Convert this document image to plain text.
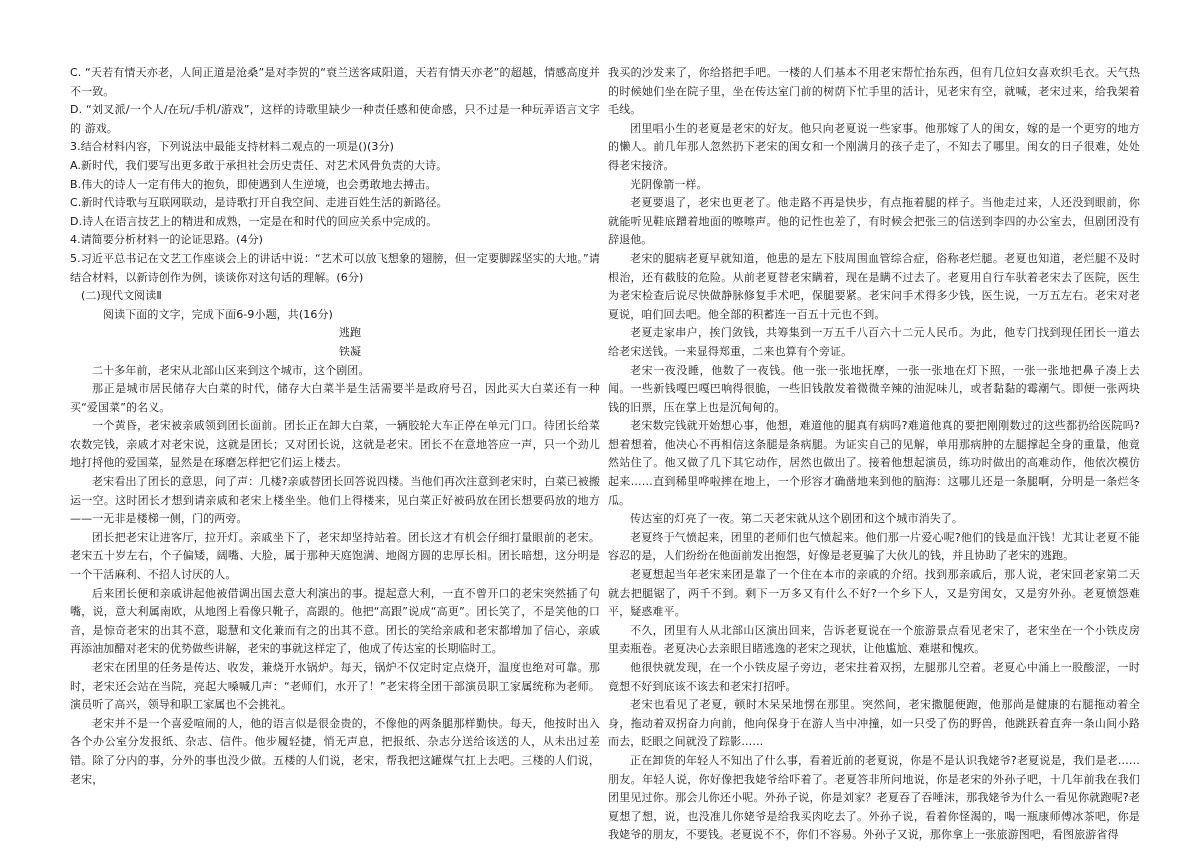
C. “天若有情天亦老，人间正道是沧桑”是对李贺的“衰兰送客咸阳道，天若有情天亦老”的超越，情感高度并不一致。

D. “刘叉派/一个人/在玩/手机/游戏”，这样的诗歌里缺少一种责任感和使命感，只不过是一种玩弄语言文字的 游戏。

3.结合材料内容，下列说法中最能支持材料二观点的一项是()(3分)

A.新时代，我们要写出更多敢于承担社会历史责任、对艺术风骨负责的大诗。

B.伟大的诗人一定有伟大的抱负，即使遇到人生逆境，也会勇敢地去搏击。

C.新时代诗歌与互联网联动，是诗歌打开自我空间、走进百姓生活的新路径。

D.诗人在语言技艺上的精进和成熟，一定是在和时代的回应关系中完成的。

4.请简要分析材料一的论证思路。(4分)

5.习近平总书记在文艺工作座谈会上的讲话中说：“艺术可以放飞想象的翅膀，但一定要脚踩坚实的大地。”请结合材料，以新诗创作为例，谈谈你对这句话的理解。(6分)

(二)现代文阅读Ⅱ

阅读下面的文字，完成下面6-9小题，共(16分)

逃跑

铁凝

二十多年前，老宋从北部山区来到这个城市，这个剧团。

那正是城市居民储存大白菜的时代，储存大白菜半是生活需要半是政府号召，因此买大白菜还有一种买“爱国菜”的名义。

一个黄昏，老宋被亲戚领到团长面前。团长正在卸大白菜，一辆胶轮大车正停在单元门口。待团长给菜农数完钱，亲戚才对老宋说，这就是团长；又对团长说，这就是老宋。团长不在意地答应一声，只一个劲儿地打捋他的爱国菜，显然是在琢磨怎样把它们运上楼去。

老宋看出了团长的意思，问了声：几楼?亲戚替团长回答说四楼。当他们再次注意到老宋时，白菜已被搬运一空。这时团长才想到请亲戚和老宋上楼坐坐。他们上得楼来，见白菜正好被码放在团长想要码放的地方——一无非是楼梯一侧，门的两旁。

团长把老宋让进客厅，拉开灯。亲戚坐下了，老宋却坚持站着。团长这才有机会仔细打量眼前的老宋。老宋五十岁左右，个子偏矮，阔嘴、大脸，属于那种天庭饱满、地阁方圆的忠厚长相。团长暗想，这分明是一个干活麻利、不招人讨厌的人。

后来团长便和亲戚讲起他被借调出国去意大利演出的事。提起意大利，一直不曾开口的老宋突然插了句嘴，说，意大利属南欧，从地图上看像只靴子，高跟的。他把“高跟”说成“高更”。团长笑了，不是笑他的口音，是惊奇老宋的出其不意，聪慧和文化兼而有之的出其不意。团长的笑给亲戚和老宋都增加了信心，亲戚再添油加醋对老宋的优势做些讲解，老宋的事就这样定了，他成了传达室的长期临时工。

老宋在团里的任务是传达、收发，兼烧开水锅炉。每天，锅炉不仅定时定点烧开，温度也绝对可靠。那时，老宋还会站在当院，亮起大嗓喊几声：“老师们，水开了！”老宋将全团干部演员职工家属统称为老师。演员听了高兴，领导和职工家属也不会挑礼。

老宋并不是一个喜爱喧闹的人，他的语言似是很金贵的，不像他的两条腿那样勤快。每天，他按时出入各个办公室分发报纸、杂志、信件。他步履轻捷，悄无声息，把报纸、杂志分送给该送的人，从未出过差错。除了分内的事，分外的事也没少做。五楼的人们说，老宋，帮我把这罐煤气扛上去吧。三楼的人们说，老宋，

我买的沙发来了，你给搭把手吧。一楼的人们基本不用老宋帮忙抬东西，但有几位妇女喜欢织毛衣。天气热的时候她们坐在院子里，坐在传达室门前的树荫下忙手里的活计，见老宋有空，就喊，老宋过来，给我架着毛线。

团里唱小生的老夏是老宋的好友。他只向老夏说一些家事。他那嫁了人的闺女，嫁的是一个更穷的地方的懒人。前几年那人忽然扔下老宋的闺女和一个刚满月的孩子走了，不知去了哪里。闺女的日子很难，处处得老宋接济。

光阴像箭一样。

老夏要退了，老宋也更老了。他走路不再是快步，有点拖着腿的样子。当他走过来，人还没到眼前，你就能听见鞋底蹭着地面的嚓嚓声。他的记性也差了，有时候会把张三的信送到李四的办公室去，但剧团没有辞退他。

老宋的腿病老夏早就知道，他患的是左下肢周围血管综合症，俗称老烂腿。老夏也知道，老烂腿不及时根治，还有截肢的危险。从前老夏替老宋瞒着，现在是瞒不过去了。老夏用自行车驮着老宋去了医院，医生为老宋检查后说尽快做静脉修复手术吧，保腿要紧。老宋问手术得多少钱，医生说，一万五左右。老宋对老夏说，咱们回去吧。他全部的积蓄连一百五十元也不到。

老夏走家串户，挨门敛钱，共筹集到一万五千八百六十二元人民币。为此，他专门找到现任团长一道去给老宋送钱。一来显得郑重，二来也算有个旁证。

老宋一夜没睡，他数了一夜钱。他一张一张地抚摩，一张一张地在灯下照，一张一张地把鼻子凑上去闻。一些新钱嘎巴嘎巴响得很脆，一些旧钱散发着微微辛辣的油泥味儿，或者黏黏的霉潮气。即便一张两块钱的旧票，压在掌上也是沉甸甸的。

老宋数完钱就开始想心事，他想，难道他的腿真有病吗?难道他真的要把刚刚数过的这些都扔给医院吗?想着想着，他决心不再相信这条腿是条病腿。为证实自己的见解，单用那病肿的左腿撑起全身的重量，他竟然站住了。他又做了几下其它动作，居然也做出了。接着他想起演员，练功时做出的高难动作，他依次模仿起来……直到稀里哗啦摔在地上，一个形容才确凿地来到他的脑海：这哪儿还是一条腿啊，分明是一条烂冬瓜。

传达室的灯亮了一夜。第二天老宋就从这个剧团和这个城市消失了。

老夏终于气愤起来，团里的老师们也气愤起来。他们那一片爱心呢?他们的钱是血汗钱！尤其让老夏不能容忍的是，人们纷纷在他面前发出抱怨，好像是老夏骗了大伙儿的钱，并且协助了老宋的逃跑。

老夏想起当年老宋来团是靠了一个住在本市的亲戚的介绍。找到那亲戚后，那人说，老宋回老家第二天就去把腿锯了，两千不到。剩下一万多又有什么不好?一个乡下人，又是穷闺女，又是穷外孙。老夏愤怨难平，疑惑难平。

不久，团里有人从北部山区演出回来，告诉老夏说在一个旅游景点看见老宋了，老宋坐在一个小铁皮房里卖瓶卷。老夏决心去亲眼目睹逃逸的老宋之现状，让他尴尬、难堪和愧疚。

他很快就发现，在一个小铁皮屋子旁边，老宋拄着双拐，左腿那儿空着。老夏心中涌上一股酸涩，一时竟想不好到底该不该去和老宋打招呼。

老宋也看见了老夏，顿时木呆呆地愣在那里。突然间，老宋撒腿便跑，他那尚是健康的右腿拖动着全身，拖动着双拐奋力向前，他向保身于在游人当中冲撞，如一只受了伤的野兽，他跳跃着直奔一条山间小路而去，眨眼之间就没了踪影……

正在卸货的年轻人不知出了什么事，看着近前的老夏说，你是不是认识我姥爷?老夏说是，我们是老……朋友。年轻人说，你好像把我姥爷给吓着了。老夏答非所问地说，你是老宋的外孙子吧，十几年前我在我们团里见过你。那会儿你还小呢。外孙子说，你是刘家？老夏吞了吞唾沫，那我姥爷为什么一看见你就跑呢?老夏想了想，说，也没准儿你姥爷是给我买肉吃去了。外孙子说，看着你怪渴的，喝一瓶康师傅冰茶吧，你是我姥爷的朋友，不要钱。老夏说不不，你们不容易。外孙子又说，那你拿上一张旅游图吧，看图旅游省得
